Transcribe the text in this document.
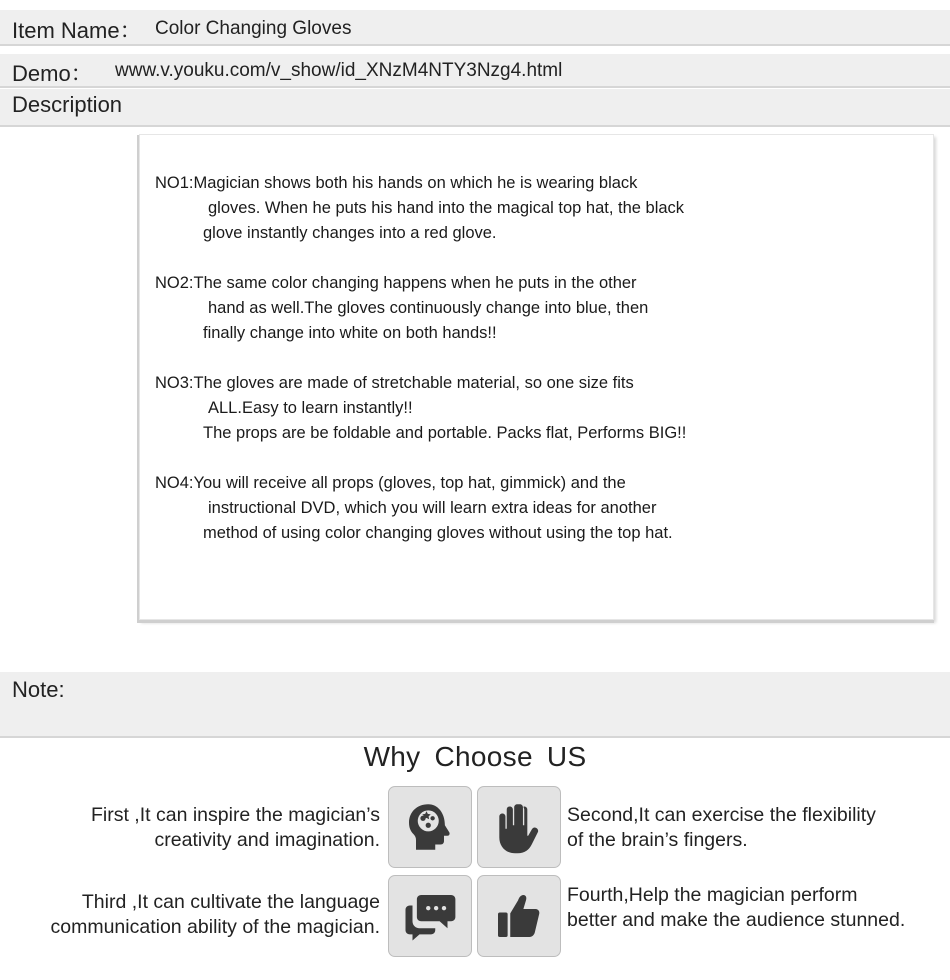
Item Name： Color Changing Gloves
Demo： www.v.youku.com/v_show/id_XNzM4NTY3Nzg4.html
Description
NO1:Magician shows both his hands on which he is wearing black
gloves. When he puts his hand into the magical top hat, the black
glove instantly changes into a red glove.
NO2:The same color changing happens when he puts in the other
hand as well.The gloves continuously change into blue, then
finally change into white on both hands!!
NO3:The gloves are made of stretchable material, so one size fits
ALL.Easy to learn instantly!!
The props are be foldable and portable. Packs flat, Performs BIG!!
NO4:You will receive all props (gloves, top hat, gimmick) and the
instructional DVD, which you will learn extra ideas for another
method of using color changing gloves without using the top hat.
Note:
Why Choose US
First ,It can inspire the magician’s
creativity and imagination.
Second,It can exercise the flexibility
of the brain’s fingers.
Third ,It can cultivate the language
communication ability of the magician.
Fourth,Help the magician perform
better and make the audience stunned.
